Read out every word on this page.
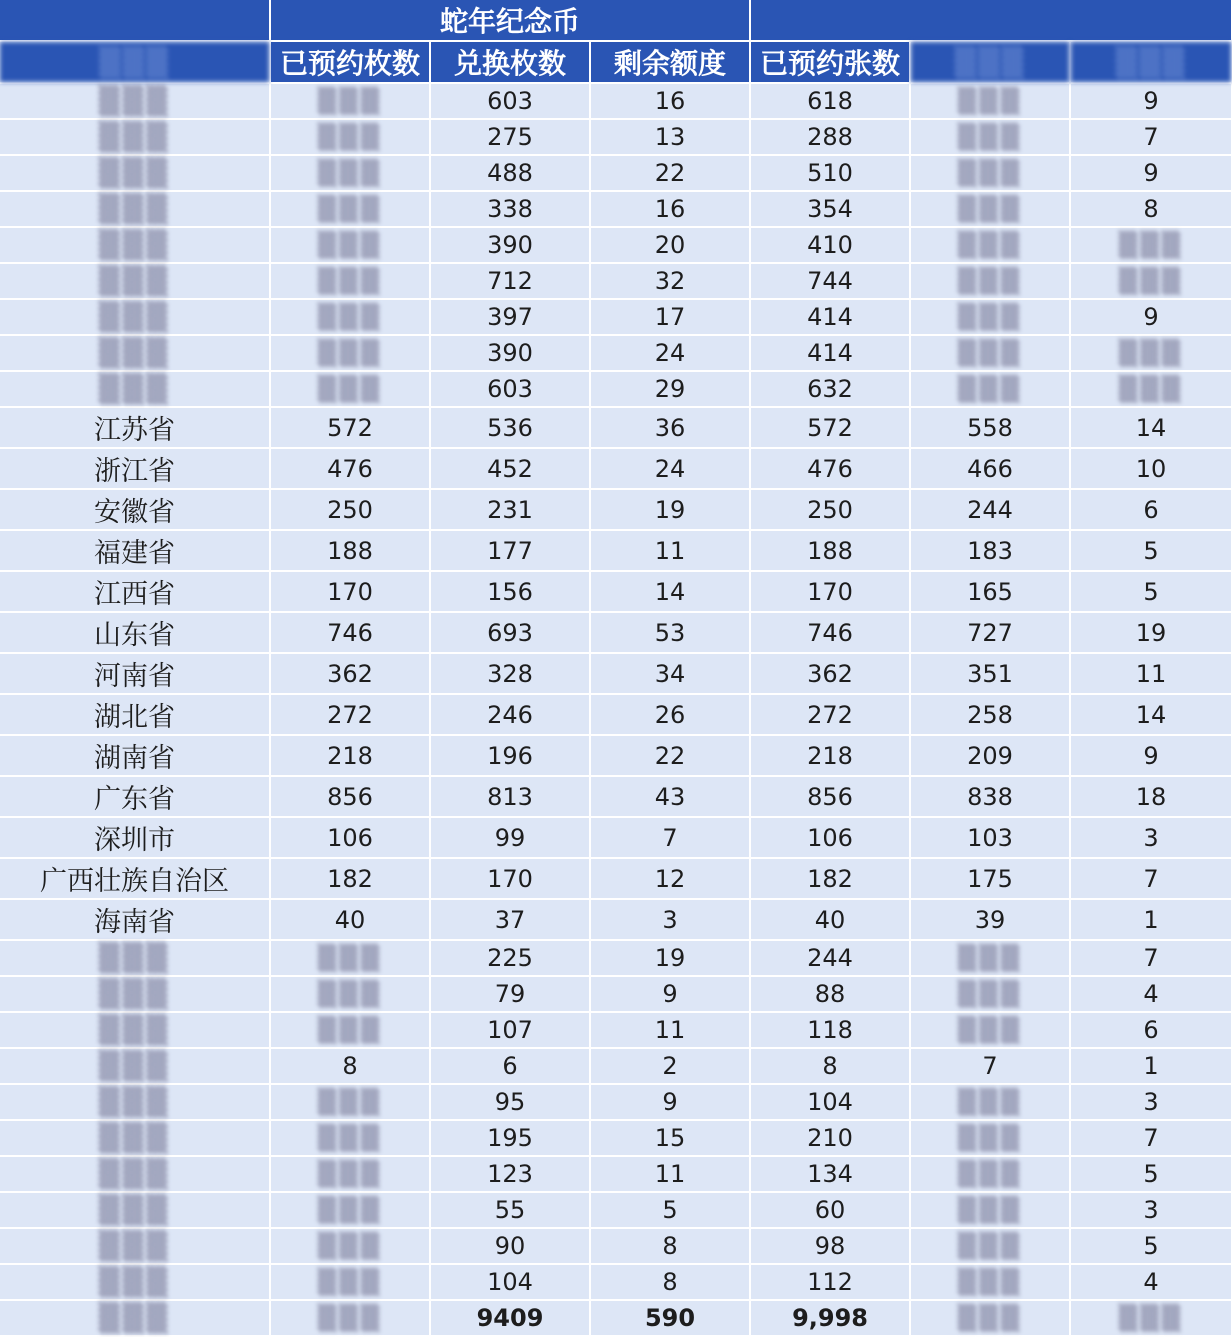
	蛇年纪念币					
▒▒▒	已预约枚数	兑换枚数	剩余额度	已预约张数	▒▒▒	▒▒▒
▒▒▒	▒▒▒	603	16	618	▒▒▒	9
▒▒▒	▒▒▒	275	13	288	▒▒▒	7
▒▒▒	▒▒▒	488	22	510	▒▒▒	9
▒▒▒	▒▒▒	338	16	354	▒▒▒	8
▒▒▒	▒▒▒	390	20	410	▒▒▒	▒▒▒
▒▒▒	▒▒▒	712	32	744	▒▒▒	▒▒▒
▒▒▒	▒▒▒	397	17	414	▒▒▒	9
▒▒▒	▒▒▒	390	24	414	▒▒▒	▒▒▒
▒▒▒	▒▒▒	603	29	632	▒▒▒	▒▒▒
江苏省	572	536	36	572	558	14
浙江省	476	452	24	476	466	10
安徽省	250	231	19	250	244	6
福建省	188	177	11	188	183	5
江西省	170	156	14	170	165	5
山东省	746	693	53	746	727	19
河南省	362	328	34	362	351	11
湖北省	272	246	26	272	258	14
湖南省	218	196	22	218	209	9
广东省	856	813	43	856	838	18
深圳市	106	99	7	106	103	3
广西壮族自治区	182	170	12	182	175	7
海南省	40	37	3	40	39	1
▒▒▒	▒▒▒	225	19	244	▒▒▒	7
▒▒▒	▒▒▒	79	9	88	▒▒▒	4
▒▒▒	▒▒▒	107	11	118	▒▒▒	6
▒▒▒	8	6	2	8	7	1
▒▒▒	▒▒▒	95	9	104	▒▒▒	3
▒▒▒	▒▒▒	195	15	210	▒▒▒	7
▒▒▒	▒▒▒	123	11	134	▒▒▒	5
▒▒▒	▒▒▒	55	5	60	▒▒▒	3
▒▒▒	▒▒▒	90	8	98	▒▒▒	5
▒▒▒	▒▒▒	104	8	112	▒▒▒	4
▒▒▒	▒▒▒	9409	590	9,998	▒▒▒	▒▒▒
